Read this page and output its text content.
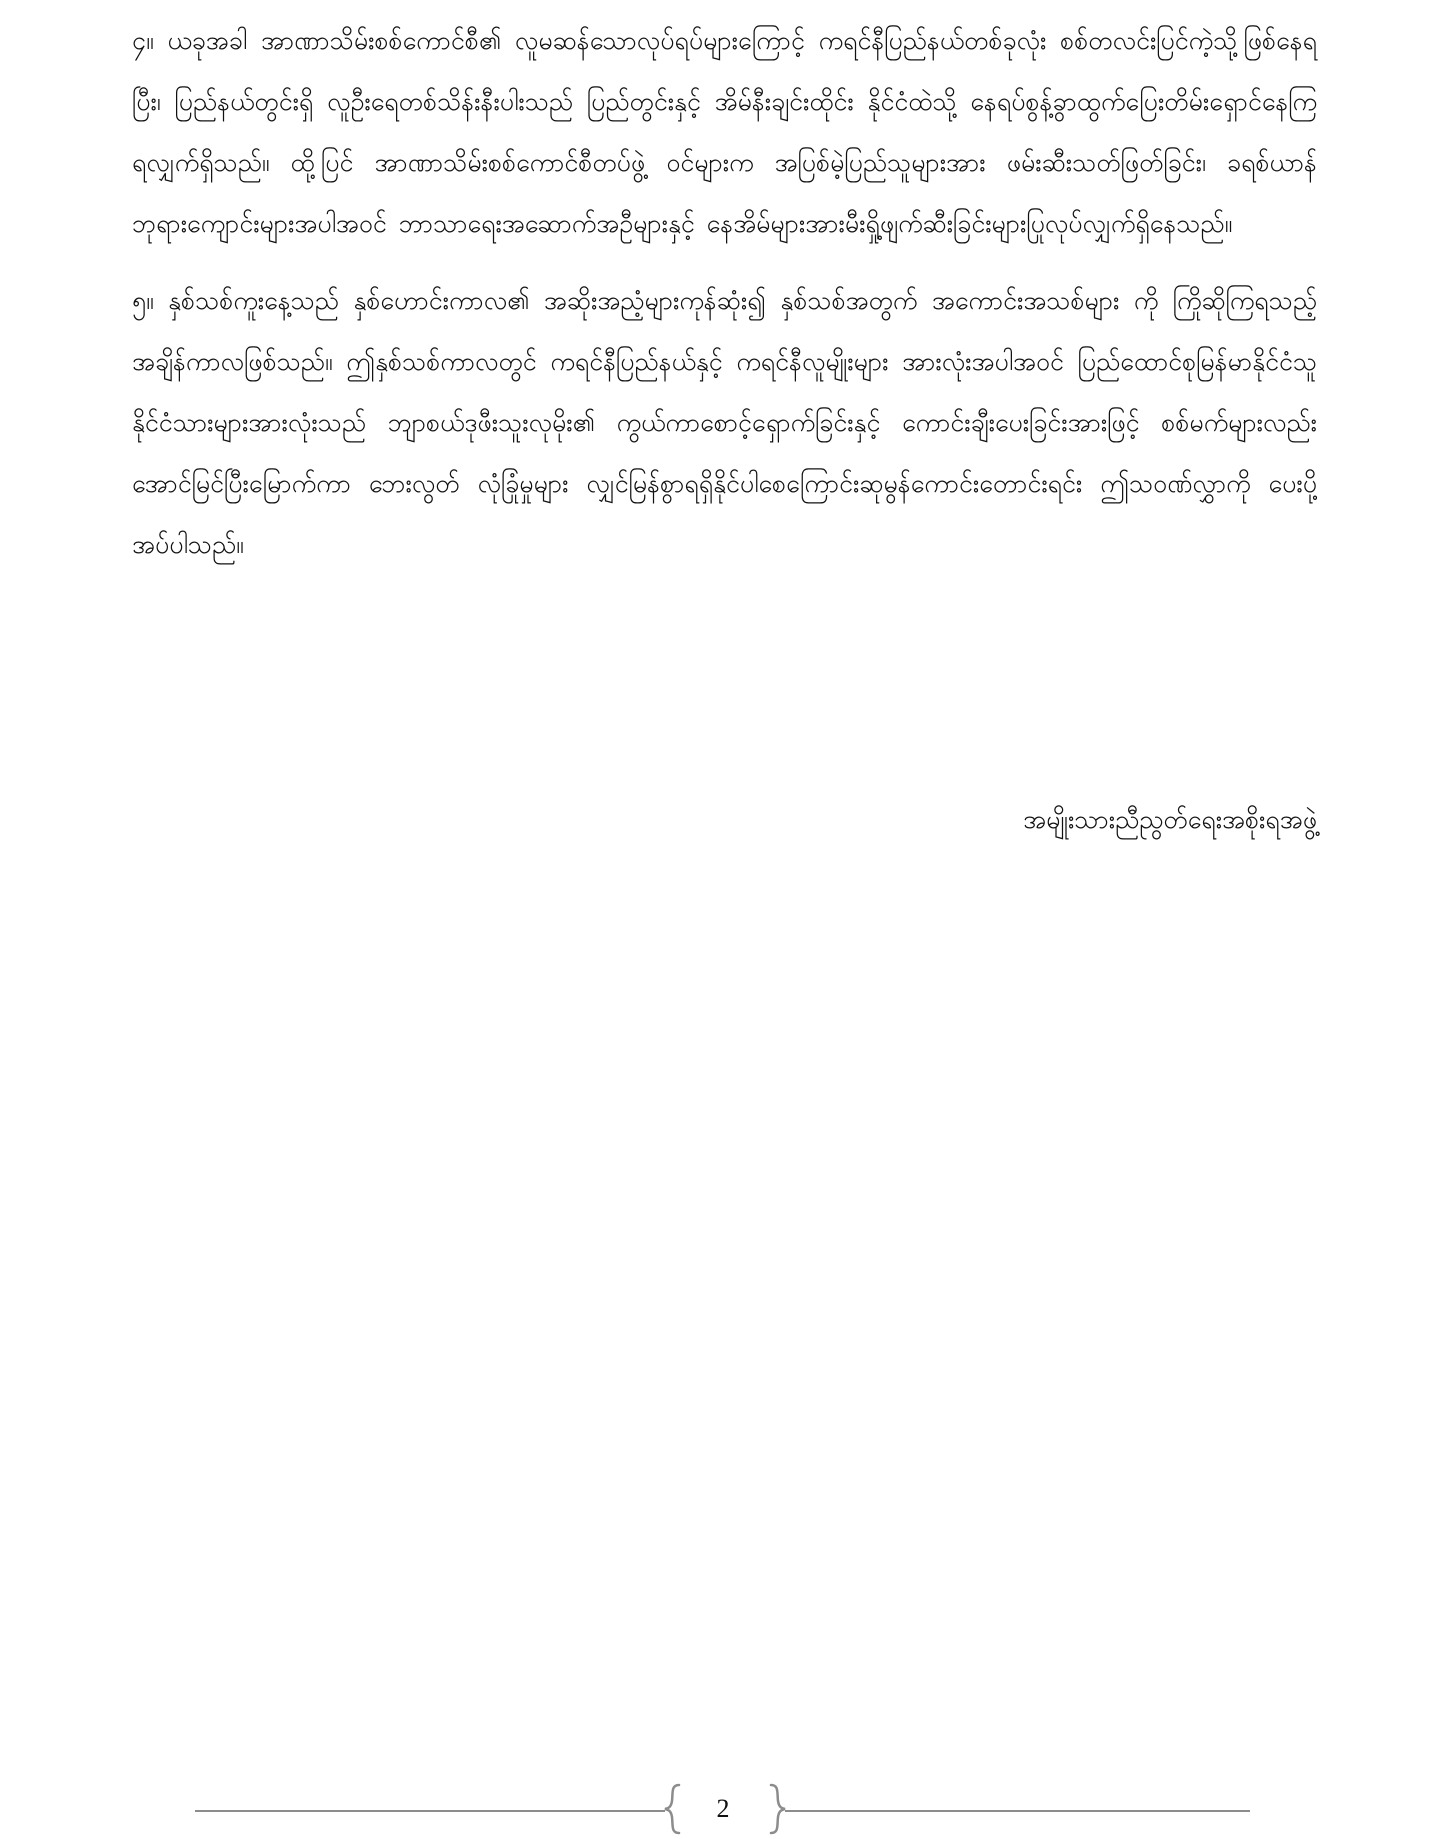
၄။ ယခုအခါ အာဏာသိမ်းစစ်ကောင်စီ၏ လူမဆန်သောလုပ်ရပ်များကြောင့် ကရင်နီပြည်နယ်တစ်ခုလုံး စစ်တလင်းပြင်ကဲ့သို့ဖြစ်နေရပြီး၊ ပြည်နယ်တွင်းရှိ လူဦးရေတစ်သိန်းနီးပါးသည် ပြည်တွင်းနှင့် အိမ်နီးချင်းထိုင်း နိုင်ငံထဲသို့ နေရပ်စွန့်ခွာထွက်ပြေးတိမ်းရှောင်နေကြရလျှက်ရှိသည်။ ထို့ပြင် အာဏာသိမ်းစစ်ကောင်စီတပ်ဖွဲ့ ဝင်များက အပြစ်မဲ့ပြည်သူများအား ဖမ်းဆီးသတ်ဖြတ်ခြင်း၊ ခရစ်ယာန်ဘုရားကျောင်းများအပါအဝင် ဘာသာရေးအဆောက်အဦများနှင့် နေအိမ်များအားမီးရှို့ဖျက်ဆီးခြင်းများပြုလုပ်လျှက်ရှိနေသည်။

၅။ နှစ်သစ်ကူးနေ့သည် နှစ်ဟောင်းကာလ၏ အဆိုးအညံ့များကုန်ဆုံး၍ နှစ်သစ်အတွက် အကောင်းအသစ်များ ကို ကြိုဆိုကြရသည့်အချိန်ကာလဖြစ်သည်။ ဤနှစ်သစ်ကာလတွင် ကရင်နီပြည်နယ်နှင့် ကရင်နီလူမျိုးများ အားလုံးအပါအဝင် ပြည်ထောင်စုမြန်မာနိုင်ငံသူနိုင်ငံသားများအားလုံးသည် ဘျာစယ်ဒုဖီးသူးလုမိုး၏ ကွယ်ကာစောင့်ရှောက်ခြင်းနှင့် ကောင်းချီးပေးခြင်းအားဖြင့် စစ်မက်များလည်း အောင်မြင်ပြီးမြောက်ကာ ဘေးလွတ် လုံခြုံမှုများ လျှင်မြန်စွာရရှိနိုင်ပါစေကြောင်းဆုမွန်ကောင်းတောင်းရင်း ဤသဝဏ်လွှာကို ပေးပို့အပ်ပါသည်။

အမျိုးသားညီညွတ်ရေးအစိုးရအဖွဲ့
2
